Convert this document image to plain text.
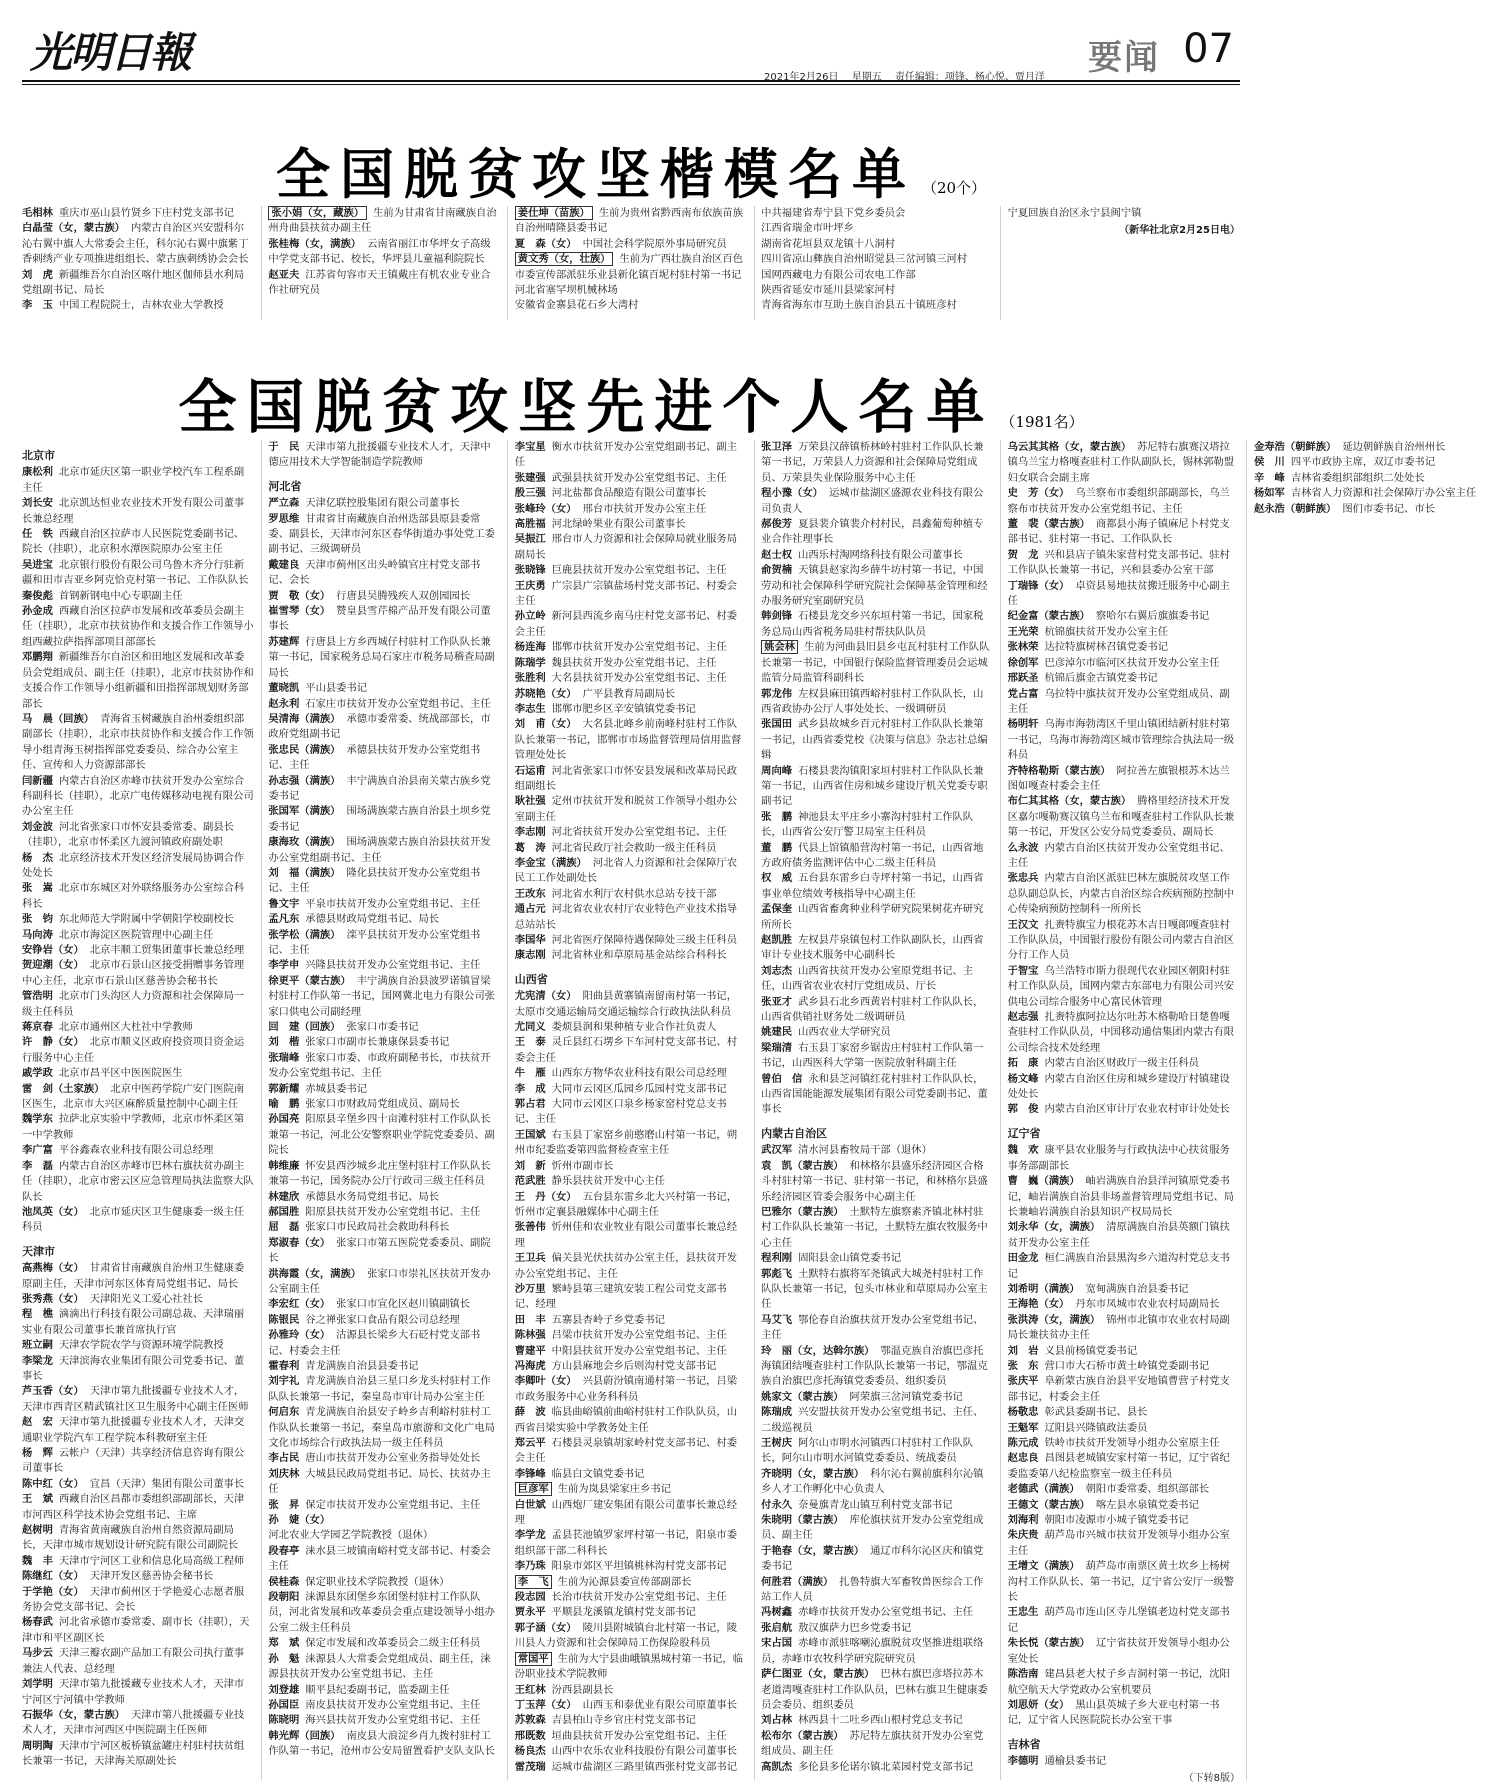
光明日報
2021年2月26日 星期五 责任编辑：项锋、杨心悦、贾月洋 要闻 07
全国脱贫攻坚楷模名单 （20个）

毛相林 重庆市巫山县竹贤乡下庄村党支部书记

白晶莹（女，蒙古族） 内蒙古自治区兴安盟科尔沁右翼中旗人大常委会主任，科尔沁右翼中旗紫丁香刺绣产业专项推进组组长、蒙古族刺绣协会会长

刘　虎 新疆维吾尔自治区喀什地区伽师县水利局党组副书记、局长

李　玉 中国工程院院士，吉林农业大学教授

张小娟（女，藏族） 生前为甘肃省甘南藏族自治州舟曲县扶贫办副主任

张桂梅（女，满族） 云南省丽江市华坪女子高级中学党支部书记、校长，华坪县儿童福利院院长

赵亚夫 江苏省句容市天王镇戴庄有机农业专业合作社研究员

姜仕坤（苗族） 生前为贵州省黔西南布依族苗族自治州晴隆县委书记

夏　森（女） 中国社会科学院原外事局研究员

黄文秀（女，壮族） 生前为广西壮族自治区百色市委宣传部派驻乐业县新化镇百坭村驻村第一书记

河北省塞罕坝机械林场

安徽省金寨县花石乡大湾村

中共福建省寿宁县下党乡委员会

江西省瑞金市叶坪乡

湖南省花垣县双龙镇十八洞村

四川省凉山彝族自治州昭觉县三岔河镇三河村

国网西藏电力有限公司农电工作部

陕西省延安市延川县梁家河村

青海省海东市互助土族自治县五十镇班彦村

宁夏回族自治区永宁县闽宁镇

（新华社北京2月25日电）
全国脱贫攻坚先进个人名单 （1981名）
北京市

康松利 北京市延庆区第一职业学校汽车工程系副主任

刘长安 北京凯达恒业农业技术开发有限公司董事长兼总经理

任　铁 西藏自治区拉萨市人民医院党委副书记、院长（挂职），北京积水潭医院原办公室主任

吴进宝 北京银行股份有限公司乌鲁木齐分行驻新疆和田市吉亚乡阿克恰克村第一书记、工作队队长

秦俊彪 首钢新钢电中心专职副主任

孙金成 西藏自治区拉萨市发展和改革委员会副主任（挂职），北京市扶贫协作和支援合作工作领导小组西藏拉萨指挥部项目部部长

邓鹏翔 新疆维吾尔自治区和田地区发展和改革委员会党组成员、副主任（挂职），北京市扶贫协作和支援合作工作领导小组新疆和田指挥部规划财务部部长

马　晨（回族） 青海省玉树藏族自治州委组织部副部长（挂职），北京市扶贫协作和支援合作工作领导小组青海玉树指挥部党委委员、综合办公室主任、宣传和人力资源部部长

闫新疆 内蒙古自治区赤峰市扶贫开发办公室综合科副科长（挂职），北京广电传媒移动电视有限公司办公室主任

刘金波 河北省张家口市怀安县委常委、副县长（挂职），北京市怀柔区九渡河镇政府副处职

杨　杰 北京经济技术开发区经济发展局协调合作处处长

张　嵩 北京市东城区对外联络服务办公室综合科科长

张　钧 东北师范大学附属中学朝阳学校副校长

马向涛 北京市海淀区医院管理中心副主任

安铮岩（女） 北京丰顺工贸集团董事长兼总经理

贺迎潮（女） 北京市石景山区接受捐赠事务管理中心主任，北京市石景山区慈善协会秘书长

管浩明 北京市门头沟区人力资源和社会保障局一级主任科员

蒋京春 北京市通州区大杜社中学教师

许　静（女） 北京市顺义区政府投资项目资金运行服务中心主任

戚学政 北京市昌平区中医医院医生

雷　剑（土家族） 北京中医药学院广安门医院南区医生，北京市大兴区麻醉质量控制中心副主任

魏学东 拉萨北京实验中学教师，北京市怀柔区第一中学教师

李广富 平谷鑫森农业科技有限公司总经理

李　磊 内蒙古自治区赤峰市巴林右旗扶贫办副主任（挂职），北京市密云区应急管理局执法监察大队队长

池凤英（女） 北京市延庆区卫生健康委一级主任科员

天津市

高燕梅（女） 甘肃省甘南藏族自治州卫生健康委原副主任，天津市河东区体育局党组书记、局长

张秀燕（女） 天津阳光义工爱心社社长

程　樵 滴滴出行科技有限公司副总裁、天津瑞丽实业有限公司董事长兼首席执行官

班立嗣 天津农学院农学与资源环境学院教授

李梁龙 天津滨海农业集团有限公司党委书记、董事长

芦玉香（女） 天津市第九批援疆专业技术人才，天津市西青区精武镇社区卫生服务中心副主任医师

赵　宏 天津市第九批援疆专业技术人才，天津交通职业学院汽车工程学院本科教研室主任

杨　辉 云帐户（天津）共享经济信息咨询有限公司董事长

陈中红（女） 宜昌（天津）集团有限公司董事长

王　斌 西藏自治区昌都市委组织部副部长，天津市河西区科学技术协会党组书记、主席

赵树明 青海省黄南藏族自治州自然资源局副局长，天津市城市规划设计研究院有限公司副院长

魏　丰 天津市宁河区工业和信息化局高级工程师

陈继红（女） 天津开发区慈善协会秘书长

于学艳（女） 天津市蓟州区于学艳爱心志愿者服务协会党支部书记、会长

杨春武 河北省承德市委常委、副市长（挂职），天津市和平区副区长

马步云 天津三瓣农副产品加工有限公司执行董事兼法人代表、总经理

刘学明 天津市第九批援藏专业技术人才，天津市宁河区宁河镇中学教师

石振华（女，蒙古族） 天津市第八批援疆专业技术人才，天津市河西区中医院副主任医师

周明陶 天津市宁河区板桥镇盆罐庄村驻村扶贫组长兼第一书记，天津海关原副处长

于　民 天津市第九批援疆专业技术人才，天津中德应用技术大学智能制造学院教师

河北省

严立森 天津亿联控股集团有限公司董事长

罗思维 甘肃省甘南藏族自治州迭部县原县委常委、副县长，天津市河东区春华街道办事处党工委副书记、三级调研员

戴建良 天津市蓟州区出头岭镇官庄村党支部书记、会长

贾　敬（女） 行唐县吴腾残疾人双创园园长

崔雪琴（女） 赞皇县雪芹棉产品开发有限公司董事长

苏建辉 行唐县上方乡西城仔村驻村工作队队长兼第一书记，国家税务总局石家庄市税务局稽查局副局长

董晓凯 平山县委书记

赵永利 石家庄市扶贫开发办公室党组书记、主任

吴清海（满族） 承德市委常委、统战部部长，市政府党组副书记

张忠民（满族） 承德县扶贫开发办公室党组书记、主任

孙志强（满族） 丰宁满族自治县南关蒙古族乡党委书记

张国军（满族） 围场满族蒙古族自治县土坝乡党委书记

康海玫（满族） 围场满族蒙古族自治县扶贫开发办公室党组副书记、主任

刘　福（满族） 隆化县扶贫开发办公室党组书记、主任

鲁文宇 平泉市扶贫开发办公室党组书记、主任

孟凡东 承德县财政局党组书记、局长

张学松（满族） 滦平县扶贫开发办公室党组书记、主任

李学申 兴隆县扶贫开发办公室党组书记、主任

徐更平（蒙古族） 丰宁满族自治县波罗诺镇冒梁村驻村工作队第一书记，国网冀北电力有限公司张家口供电公司副经理

回　建（回族） 张家口市委书记

刘　楷 张家口市副市长兼康保县委书记

张瑞峰 张家口市委、市政府副秘书长，市扶贫开发办公室党组书记、主任

郭新耀 赤城县委书记

喻　鹏 张家口市财政局党组成员、副局长

孙国亮 阳原县辛堡乡四十亩滩村驻村工作队队长兼第一书记，河北公安警察职业学院党委委员、副院长

韩维廉 怀安县西沙城乡北庄堡村驻村工作队队长兼第一书记，国务院办公厅行政司三级主任科员

林建欣 承德县水务局党组书记、局长

郝国胜 阳原县扶贫开发办公室党组书记、主任

屈　磊 张家口市民政局社会救助科科长

郑淑春（女） 张家口市第五医院党委委员、副院长

洪海霞（女，满族） 张家口市崇礼区扶贫开发办公室副主任

李宏红（女） 张家口市宣化区赵川镇副镇长

陈银民 谷之禅张家口食品有限公司总经理

孙雅玲（女） 沽源县长梁乡大石砭村党支部书记、村委会主任

霍春利 青龙满族自治县县委书记

刘宇礼 青龙满族自治县三星口乡龙头村驻村工作队队长兼第一书记，秦皇岛市审计局办公室主任

何启东 青龙满族自治县安子岭乡吉利峪村驻村工作队队长兼第一书记，秦皇岛市旅游和文化广电局文化市场综合行政执法局一级主任科员

李占民 唐山市扶贫开发办公室业务指导处处长

刘庆林 大城县民政局党组书记、局长、扶贫办主任

张　昇 保定市扶贫开发办公室党组书记、主任

孙　婕（女）河北农业大学园艺学院教授（退休）

段春亭 涞水县三坡镇南峪村党支部书记、村委会主任

侯桂森 保定职业技术学院教授（退休）

段朝阳 涞源县东团堡乡东团堡村驻村工作队队员，河北省发展和改革委员会重点建设领导小组办公室二级主任科员

郑　斌 保定市发展和改革委员会二级主任科员

孙　魁 涞源县人大常委会党组成员、副主任，涞源县扶贫开发办公室党组书记、主任

刘登雄 顺平县纪委副书记，监委副主任

孙国臣 南皮县扶贫开发办公室党组书记、主任

陈晓明 海兴县扶贫开发办公室党组书记、主任

韩光辉（回族） 南皮县大浪淀乡肖九拨村驻村工作队第一书记，沧州市公安局留置看护支队支队长

李宝星 衡水市扶贫开发办公室党组副书记、副主任

张建强 武强县扶贫开发办公室党组书记、主任

殷三强 河北盐都食品酿造有限公司董事长

张峰玲（女） 邢台市扶贫开发办公室主任

高胜福 河北绿岭果业有限公司董事长

吴振江 邢台市人力资源和社会保障局就业服务局副局长

张晓锋 巨鹿县扶贫开发办公室党组书记、主任

王庆勇 广宗县广宗镇盐场村党支部书记、村委会主任

孙立岭 新河县西流乡南马庄村党支部书记、村委会主任

杨连海 邯郸市扶贫开发办公室党组书记、主任

陈瑞学 魏县扶贫开发办公室党组书记、主任

张胜利 大名县扶贫开发办公室党组书记、主任

苏晓艳（女） 广平县教育局副局长

李志生 邯郸市肥乡区辛安镇镇党委书记

刘　甫（女） 大名县北峰乡前南峰村驻村工作队队长兼第一书记，邯郸市市场监督管理局信用监督管理处处长

石运甫 河北省张家口市怀安县发展和改革局民政组副组长

耿社强 定州市扶贫开发和脱贫工作领导小组办公室副主任

李志刚 河北省扶贫开发办公室党组书记、主任

葛　涛 河北省民政厅社会救助一级主任科员

李金宝（满族） 河北省人力资源和社会保障厅农民工工作处副处长

王改东 河北省水利厅农村供水总站专技干部

通占元 河北省农业农村厅农业特色产业技术指导总站站长

李国华 河北省医疗保障待遇保障处三级主任科员

康志刚 河北省林业和草原局基金站综合科科长

山西省

尤宪清（女） 阳曲县黄寨镇南留南村第一书记，太原市交通运输局交通运输综合行政执法队科员

尤同义 娄烦县润和果种植专业合作社负责人

王　泰 灵丘县红石塄乡下车河村党支部书记、村委会主任

牛　雁 山西东方物华农业科技有限公司总经理

李　成 大同市云冈区瓜园乡瓜园村党支部书记

郭占君 大同市云冈区口泉乡杨家窑村党总支书记、主任

王国斌 右玉县丁家窑乡前憨磨山村第一书记，朔州市纪委监委第四监督检查室主任

刘　新 忻州市副市长

范武胜 静乐县扶贫开发中心主任

王　丹（女） 五台县东雷乡北大兴村第一书记，忻州市定襄县融媒体中心副主任

张善伟 忻州佳和农业牧业有限公司董事长兼总经理

王卫兵 偏关县光伏扶贫办公室主任，县扶贫开发办公室党组书记、主任

沙万里 繁峙县第三建筑安装工程公司党支部书记、经理

田　丰 五寨县杏岭子乡党委书记

陈林强 吕梁市扶贫开发办公室党组书记、主任

曹建平 中阳县扶贫开发办公室党组书记、主任

冯海虎 方山县麻地会乡后则沟村党支部书记

李卿叶（女） 兴县蔚汾镇南通村第一书记，吕梁市政务服务中心业务科科员

薛　波 临县曲峪镇前曲峪村驻村工作队队员，山西省吕梁实验中学教务处主任

郑云平 石楼县灵泉镇胡家岭村党支部书记、村委会主任

李锋峰 临县白文镇党委书记

巨彦军 生前为岚县梁家庄乡书记

白世斌 山西炮厂建安集团有限公司董事长兼总经理

李学龙 孟县苌池镇罗家坪村第一书记，阳泉市委组织部干部二科科长

李乃珠 阳泉市郊区平坦镇桃林沟村党支部书记

李　飞 生前为沁源县委宣传部副部长

段志园 长治市扶贫开发办公室党组书记、主任

贾永平 平顺县龙溪镇龙镇村党支部书记

郭子涵（女） 陵川县附城镇台北村第一书记，陵川县人力资源和社会保障局工伤保险股科员

常国平 生前为大宁县曲峨镇黑城村第一书记，临汾职业技术学院教师

王红林 汾西县副县长

丁玉萍（女） 山西玉和泰优业有限公司原董事长

苏敦森 吉县柏山寺乡官庄村党支部书记

邢既数 垣曲县扶贫开发办公室党组书记、主任

杨良杰 山西中农乐农业科技股份有限公司董事长

雷茂瑞 运城市盐湖区三路里镇西张村党支部书记

张卫泽 万荣县汉薛镇桥林岭村驻村工作队队长兼第一书记，万荣县人力资源和社会保障局党组成员、万荣县失业保险服务中心主任

程小豫（女） 运城市盐湖区盛源农业科技有限公司负责人

郝俊芳 夏县裴介镇裴介村村民，昌鑫葡萄种植专业合作社理事长

赵士权 山西乐村淘网络科技有限公司董事长

俞贺楠 天镇县赵家沟乡薛牛坊村第一书记，中国劳动和社会保障科学研究院社会保障基金管理和经办服务研究室副研究员

韩剑锋 石楼县龙交乡兴东垣村第一书记，国家税务总局山西省税务局驻村帮扶队队员

姚会林 生前为河曲县旧县乡屯瓦村驻村工作队队长兼第一书记，中国银行保险监督管理委员会运城监管分局监管科副科长

郭龙伟 左权县麻田镇西峪村驻村工作队队长，山西省政协办公厅人事处处长、一级调研员

张国田 武乡县故城乡百元村驻村工作队队长兼第一书记，山西省委党校《决策与信息》杂志社总编辑

周向峰 石楼县裴沟镇阳家垣村驻村工作队队长兼第一书记，山西省住房和城乡建设厅机关党委专职副书记

张　鹏 神池县太平庄乡小寨沟村驻村工作队队长，山西省公安厅警卫局室主任科员

董　鹏 代县上馆镇船营沟村第一书记，山西省地方政府债务监测评估中心二级主任科员

权　威 五台县东雷乡白寺坪村第一书记，山西省事业单位绩效考核指导中心副主任

孟保奎 山西省畜禽种业科学研究院果树花卉研究所所长

赵凯胜 左权县芹泉镇包村工作队副队长，山西省审计专业技术服务中心副科长

刘志杰 山西省扶贫开发办公室原党组书记、主任，山西省农业农村厅党组成员、厅长

张亚才 武乡县石北乡西黄岩村驻村工作队队长，山西省供销社财务处二级调研员

姚建民 山西农业大学研究员

梁瑞清 右玉县丁家窑乡锯齿庄村驻村工作队第一书记，山西医科大学第一医院放射科副主任

曾伯　信 永和县芝河镇红花村驻村工作队队长，山西省国能能源发展集团有限公司党委副书记、董事长

内蒙古自治区

武汉军 清水河县畜牧局干部（退休）

袁　凯（蒙古族） 和林格尔县盛乐经济园区合格斗村驻村第一书记、驻村第一书记，和林格尔县盛乐经济园区管委会服务中心副主任

巴雅尔（蒙古族） 土默特左旗察素齐镇北林村驻村工作队队长兼第一书记，土默特左旗农牧服务中心主任

程利刚 固阳县金山镇党委书记

郭彪飞 土默特右旗将军尧镇武大城尧村驻村工作队队长兼第一书记，包头市林业和草原局办公室主任

马艾飞 鄂伦春自治旗扶贫开发办公室党组书记、主任

玲　丽（女，达斡尔族） 鄂温克族自治旗巴彦托海镇团结嘎查驻村工作队队长兼第一书记，鄂温克族自治旗巴彦托海镇党委委员、组织委员

姚家文（蒙古族） 阿荣旗三岔河镇党委书记

陈瑞成 兴安盟扶贫开发办公室党组书记、主任、二级巡视员

王树庆 阿尔山市明水河镇西口村驻村工作队队长，阿尔山市明水河镇党委委员、统战委员

齐晓明（女，蒙古族） 科尔沁右翼前旗科尔沁镇乡人才工作孵化中心负责人

付永久 奈曼旗青龙山镇互利村党支部书记

朱晓明（蒙古族） 库伦旗扶贫开发办公室党组成员、副主任

于艳春（女，蒙古族） 通辽市科尔沁区庆和镇党委书记

何胜君（满族） 扎鲁特旗大军畜牧兽医综合工作站工作人员

冯树鑫 赤峰市扶贫开发办公室党组书记、主任

张启航 敖汉旗萨力巴乡党委书记

宋占国 赤峰市派驻喀喇沁旗脱贫攻坚推进组联络员，赤峰市农牧科学研究院研究员

萨仁图亚（女，蒙古族） 巴林右旗巴彦塔拉苏木老道湾嘎查驻村工作队队员，巴林右旗卫生健康委员会委员、组织委员

刘占林 林西县十二吐乡西山根村党总支书记

松布尔（蒙古族） 苏尼特左旗扶贫开发办公室党组成员、副主任

高凯杰 多伦县多伦诺尔镇北菜园村党支部书记

乌云其其格（女，蒙古族） 苏尼特右旗赛汉塔拉镇乌兰宝力格嘎查驻村工作队副队长，锡林郭勒盟妇女联合会副主席

史　芳（女） 乌兰察布市委组织部副部长，乌兰察布市扶贫开发办公室党组书记、主任

董　裴（蒙古族） 商都县小海子镇麻尼卜村党支部书记、驻村第一书记、工作队队长

贺　龙 兴和县店子镇朱家营村党支部书记、驻村工作队队长兼第一书记，兴和县委办公室干部

丁瑞锋（女） 卓资县易地扶贫搬迁服务中心副主任

纪金富（蒙古族） 察哈尔右翼后旗旗委书记

王光荣 杭锦旗扶贫开发办公室主任

张林荣 达拉特旗树林召镇党委书记

徐创军 巴彦淖尔市临河区扶贫开发办公室主任

邢跃圣 杭锦后旗金古镇党委书记

党占富 乌拉特中旗扶贫开发办公室党组成员、副主任

杨明轩 乌海市海勃湾区千里山镇团结新村驻村第一书记，乌海市海勃湾区城市管理综合执法局一级科员

齐特格勒斯（蒙古族） 阿拉善左旗银根苏木达兰图如嘎查村委会主任

布仁其其格（女，蒙古族） 腾格里经济技术开发区嘉尔嘎勒赛汉镇乌兰布和嘎查驻村工作队队长兼第一书记，开发区公安分局党委委员、副局长

么永波 内蒙古自治区扶贫开发办公室党组书记、主任

张忠兵 内蒙古自治区派驻巴林左旗脱贫攻坚工作总队副总队长，内蒙古自治区综合疾病预防控制中心传染病预防控制科一所所长

王汉文 扎赉特旗宝力根花苏木吉日嘎郎嘎查驻村工作队队员，中国银行股份有限公司内蒙古自治区分行工作人员

于智宝 乌兰浩特市斯力很现代农业园区朝阳村驻村工作队队员，国网内蒙古东部电力有限公司兴安供电公司综合服务中心富民休管理

赵志强 扎赉特旗阿拉达尔吐苏木格勒哈日楚鲁嘎查驻村工作队队员，中国移动通信集团内蒙古有限公司综合技术处经理

拓　康 内蒙古自治区财政厅一级主任科员

杨文峰 内蒙古自治区住房和城乡建设厅村镇建设处处长

郭　俊 内蒙古自治区审计厅农业农村审计处处长

辽宁省

魏　欢 康平县农业服务与行政执法中心扶贫服务事务部副部长

曹　巍（满族） 岫岩满族自治县洋河镇原党委书记，岫岩满族自治县非场盖督管理局党组书记、局长兼岫岩满族自治县知识产权局局长

刘永华（女，满族） 清原满族自治县英额门镇扶贫开发办公室主任

田金龙 桓仁满族自治县黑沟乡六道沟村党总支书记

刘希明（满族） 宽甸满族自治县委书记

王海艳（女） 丹东市凤城市农业农村局副局长

张洪涛（女，满族） 锦州市北镇市农业农村局副局长兼扶贫办主任

刘　岩 义县前杨镇党委书记

张　东 营口市大石桥市黄土岭镇党委副书记

张庆平 阜新蒙古族自治县平安地镇曹营子村党支部书记，村委会主任

杨敬忠 彰武县委副书记、县长

王魁军 辽阳县兴隆镇政法委员

陈元成 铁岭市扶贫开发领导小组办公室原主任

赵忠良 昌图县老城镇安家村第一书记，辽宁省纪委监委第八纪检监察室一级主任科员

老德武（满族） 朝阳市委常委、组织部部长

王德文（蒙古族） 喀左县水泉镇党委书记

刘海利 朝阳市凌源市小城子镇党委书记

朱庆贵 葫芦岛市兴城市扶贫开发领导小组办公室主任

王增文（满族） 葫芦岛市南票区黄土坎乡上杨树沟村工作队队长、第一书记，辽宁省公安厅一级警长

王忠生 葫芦岛市连山区寺儿堡镇老边村党支部书记

朱长悦（蒙古族） 辽宁省扶贫开发领导小组办公室处长

陈浩南 建昌县老大杖子乡吉洞村第一书记，沈阳航空航天大学党政办公室机要员

刘思妍（女） 黑山县英城子乡大亚屯村第一书记，辽宁省人民医院院长办公室干事

吉林省

李德明 通榆县委书记

金寿浩（朝鲜族） 延边朝鲜族自治州州长

侯　川 四平市政协主席，双辽市委书记

辛　峰 吉林省委组织部组织二处处长

杨如军 吉林省人力资源和社会保障厅办公室主任

赵永浩（朝鲜族） 图们市委书记、市长

（下转8版）
